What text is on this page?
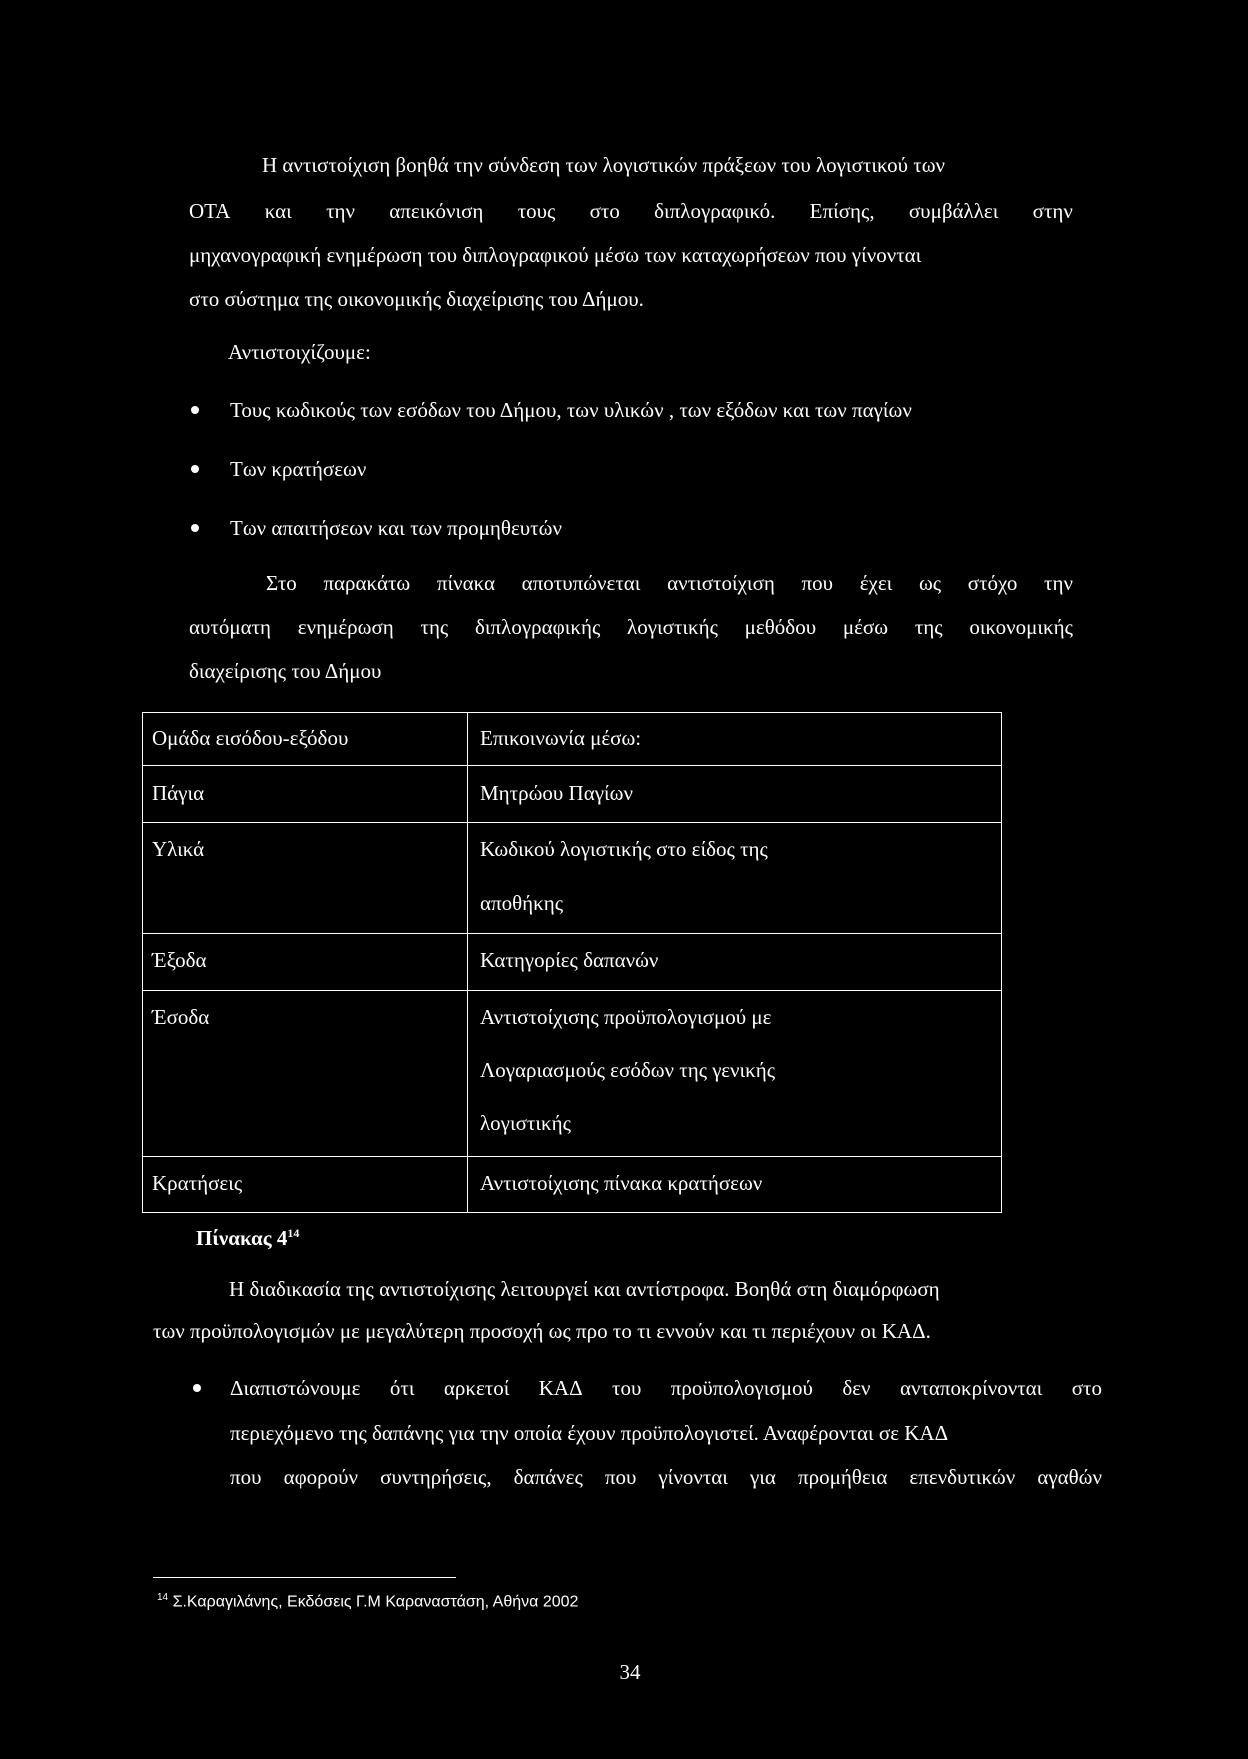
Η αντιστοίχιση βοηθά την σύνδεση των λογιστικών πράξεων του λογιστικού των
ΟΤΑ και την απεικόνιση τους στο διπλογραφικό. Επίσης, συμβάλλει στην
μηχανογραφική ενημέρωση του διπλογραφικού μέσω των καταχωρήσεων που γίνονται
στο σύστημα της οικονομικής διαχείρισης του Δήμου.
Αντιστοιχίζουμε:
Τους κωδικούς των εσόδων του Δήμου, των υλικών , των εξόδων και των παγίων
Των κρατήσεων
Των απαιτήσεων και των προμηθευτών
Στο παρακάτω πίνακα αποτυπώνεται αντιστοίχιση που έχει ως στόχο την
αυτόματη ενημέρωση της διπλογραφικής λογιστικής μεθόδου μέσω της οικονομικής
διαχείρισης του Δήμου
Ομάδα εισόδου-εξόδου	Επικοινωνία μέσω:
Πάγια	Μητρώου Παγίων
Υλικά	Κωδικού λογιστικής στο είδος της
αποθήκης
Έξοδα	Κατηγορίες δαπανών
Έσοδα	Αντιστοίχισης προϋπολογισμού με
Λογαριασμούς εσόδων της γενικής
λογιστικής
Κρατήσεις	Αντιστοίχισης πίνακα κρατήσεων
Πίνακας $4^{14}$
Η διαδικασία της αντιστοίχισης λειτουργεί και αντίστροφα. Βοηθά στη διαμόρφωση
των προϋπολογισμών με μεγαλύτερη προσοχή ως προ το τι εννούν και τι περιέχουν οι ΚΑΔ.
Διαπιστώνουμε ότι αρκετοί ΚΑΔ του προϋπολογισμού δεν ανταποκρίνονται στο
περιεχόμενο της δαπάνης για την οποία έχουν προϋπολογιστεί. Αναφέρονται σε ΚΑΔ
που αφορούν συντηρήσεις, δαπάνες που γίνονται για προμήθεια επενδυτικών αγαθών
$^{14}$ Σ.Καραγιλάνης, Εκδόσεις Γ.Μ Καραναστάση, Αθήνα 2002
34
